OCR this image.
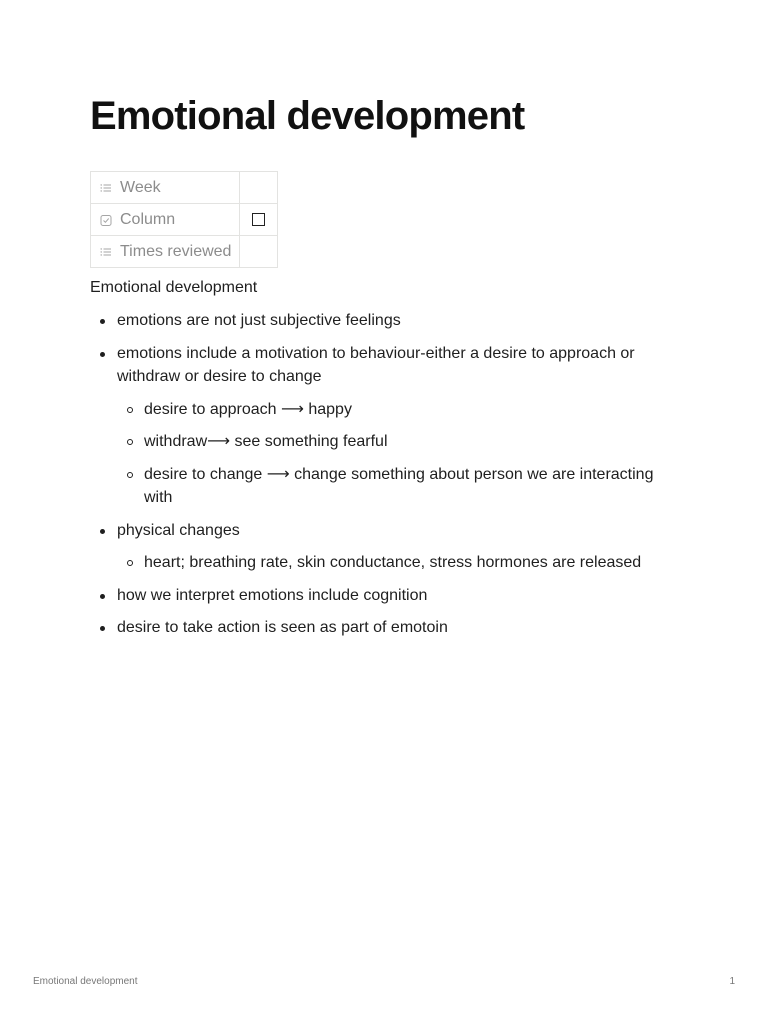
Emotional development
Week	

Column	

Times reviewed	

Emotional development

emotions are not just subjective feelings
emotions include a motivation to behaviour-either a desire to approach or withdraw or desire to change
desire to approach ⟶ happy
withdraw⟶ see something fearful
desire to change ⟶ change something about person we are interacting with
physical changes
heart; breathing rate, skin conductance, stress hormones are released
how we interpret emotions include cognition
desire to take action is seen as part of emotoin
Emotional development	1
